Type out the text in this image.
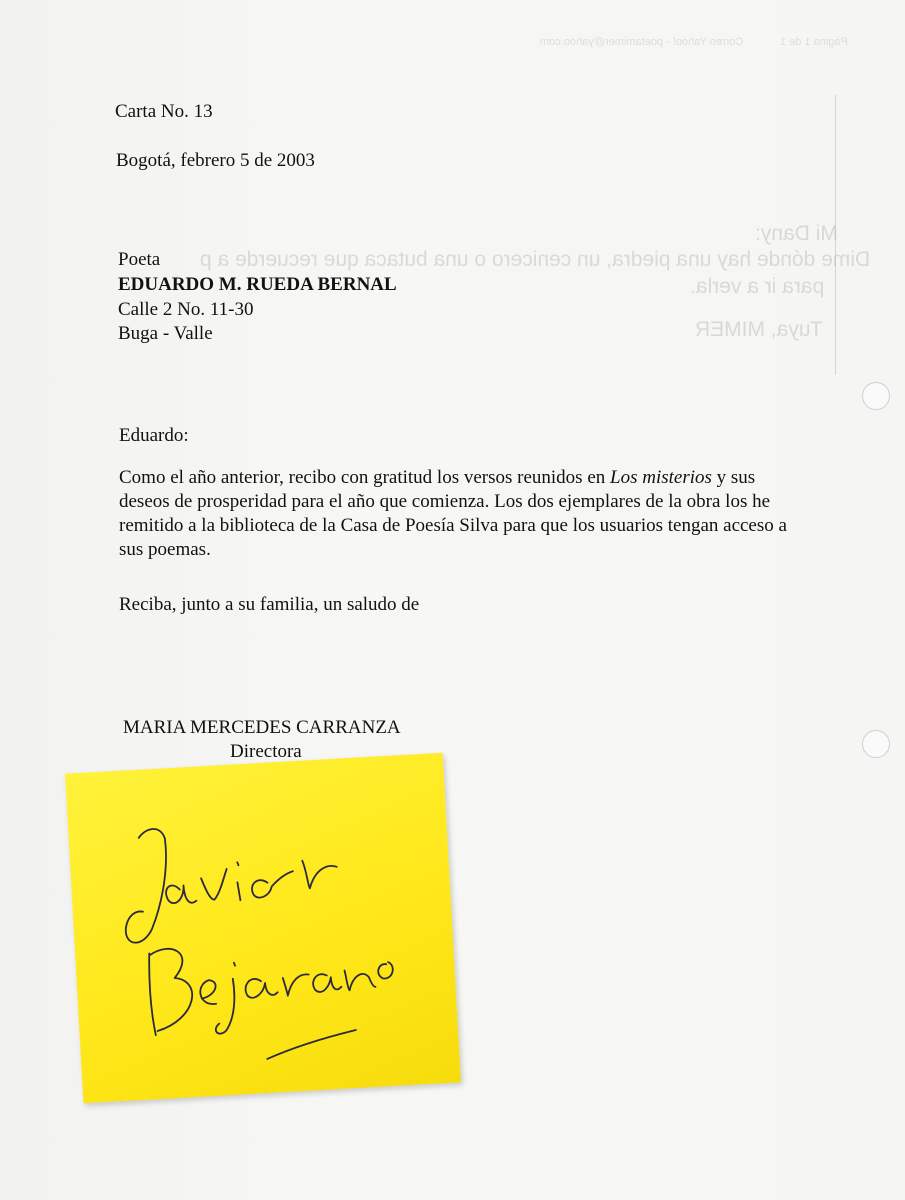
Correo Yahoo! - poetamimer@yahoo.com	Página 1 de 1
Mi Dany:
Dime dónde hay una piedra, un cenicero o una butaca que recuerde a p
para ir a verla.
Tuya, MIMER
Carta No. 13
Bogotá, febrero 5 de 2003
Poeta
EDUARDO M. RUEDA BERNAL
Calle 2 No. 11-30
Buga - Valle
Eduardo:
Como el año anterior, recibo con gratitud los versos reunidos en Los misterios y sus deseos de prosperidad para el año que comienza. Los dos ejemplares de la obra los he remitido a la biblioteca de la Casa de Poesía Silva para que los usuarios tengan acceso a sus poemas.
Reciba, junto a su familia, un saludo de
MARIA MERCEDES CARRANZA
Directora
